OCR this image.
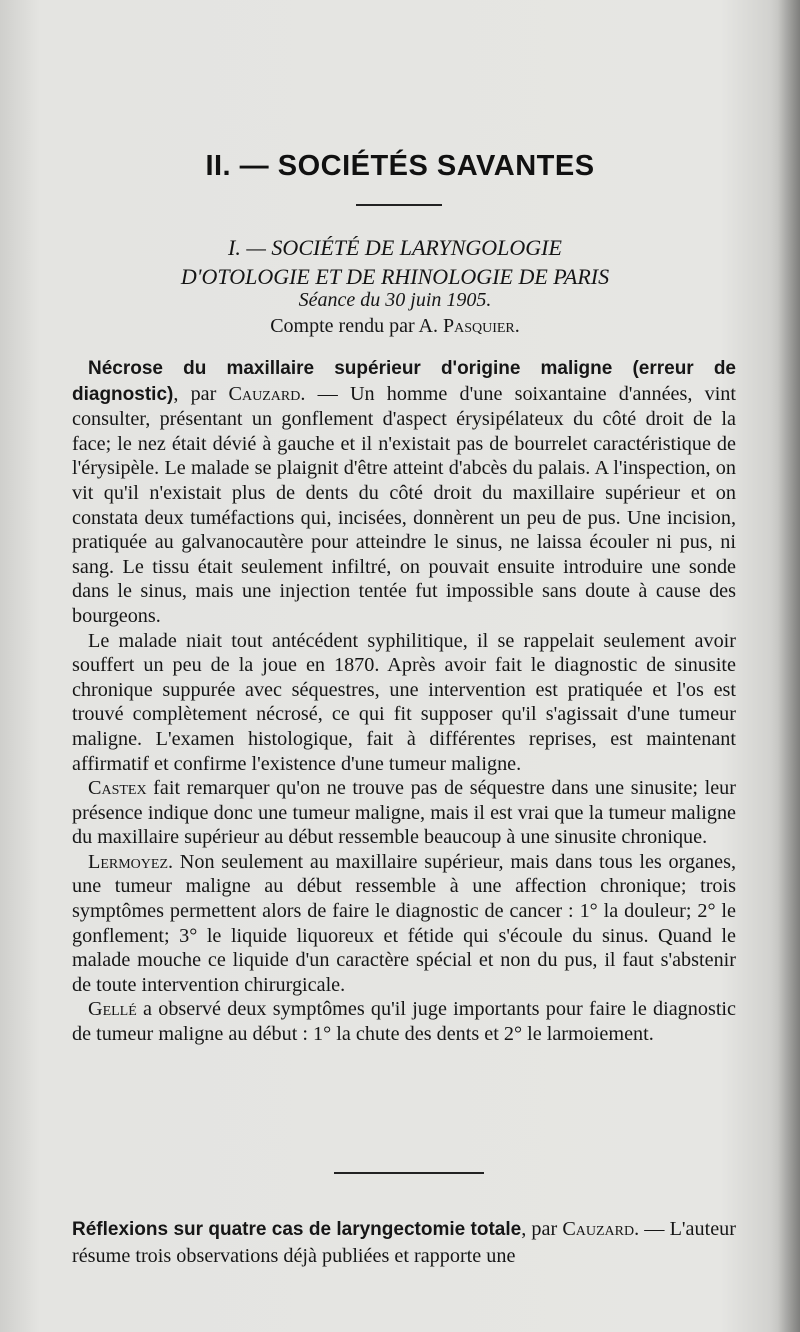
II. — SOCIÉTÉS SAVANTES
I. — SOCIÉTÉ DE LARYNGOLOGIE
D'OTOLOGIE ET DE RHINOLOGIE DE PARIS
Séance du 30 juin 1905.
Compte rendu par A. Pasquier.

Nécrose du maxillaire supérieur d'origine maligne (erreur de diagnostic), par Cauzard. — Un homme d'une soixantaine d'années, vint consulter, présentant un gonflement d'aspect érysipélateux du côté droit de la face; le nez était dévié à gauche et il n'existait pas de bourrelet caractéristique de l'érysipèle. Le malade se plaignit d'être atteint d'abcès du palais. A l'inspection, on vit qu'il n'existait plus de dents du côté droit du maxillaire supérieur et on constata deux tuméfactions qui, incisées, donnèrent un peu de pus. Une incision, pratiquée au galvanocautère pour atteindre le sinus, ne laissa écouler ni pus, ni sang. Le tissu était seulement infiltré, on pouvait ensuite introduire une sonde dans le sinus, mais une injection tentée fut impossible sans doute à cause des bourgeons.

Le malade niait tout antécédent syphilitique, il se rappelait seulement avoir souffert un peu de la joue en 1870. Après avoir fait le diagnostic de sinusite chronique suppurée avec séquestres, une intervention est pratiquée et l'os est trouvé complètement nécrosé, ce qui fit supposer qu'il s'agissait d'une tumeur maligne. L'examen histologique, fait à différentes reprises, est maintenant affirmatif et confirme l'existence d'une tumeur maligne.

Castex fait remarquer qu'on ne trouve pas de séquestre dans une sinusite; leur présence indique donc une tumeur maligne, mais il est vrai que la tumeur maligne du maxillaire supérieur au début ressemble beaucoup à une sinusite chronique.

Lermoyez. Non seulement au maxillaire supérieur, mais dans tous les organes, une tumeur maligne au début ressemble à une affection chronique; trois symptômes permettent alors de faire le diagnostic de cancer : 1° la douleur; 2° le gonflement; 3° le liquide liquoreux et fétide qui s'écoule du sinus. Quand le malade mouche ce liquide d'un caractère spécial et non du pus, il faut s'abstenir de toute intervention chirurgicale.

Gellé a observé deux symptômes qu'il juge importants pour faire le diagnostic de tumeur maligne au début : 1° la chute des dents et 2° le larmoiement.

Réflexions sur quatre cas de laryngectomie totale, par Cauzard. — L'auteur résume trois observations déjà publiées et rapporte une
